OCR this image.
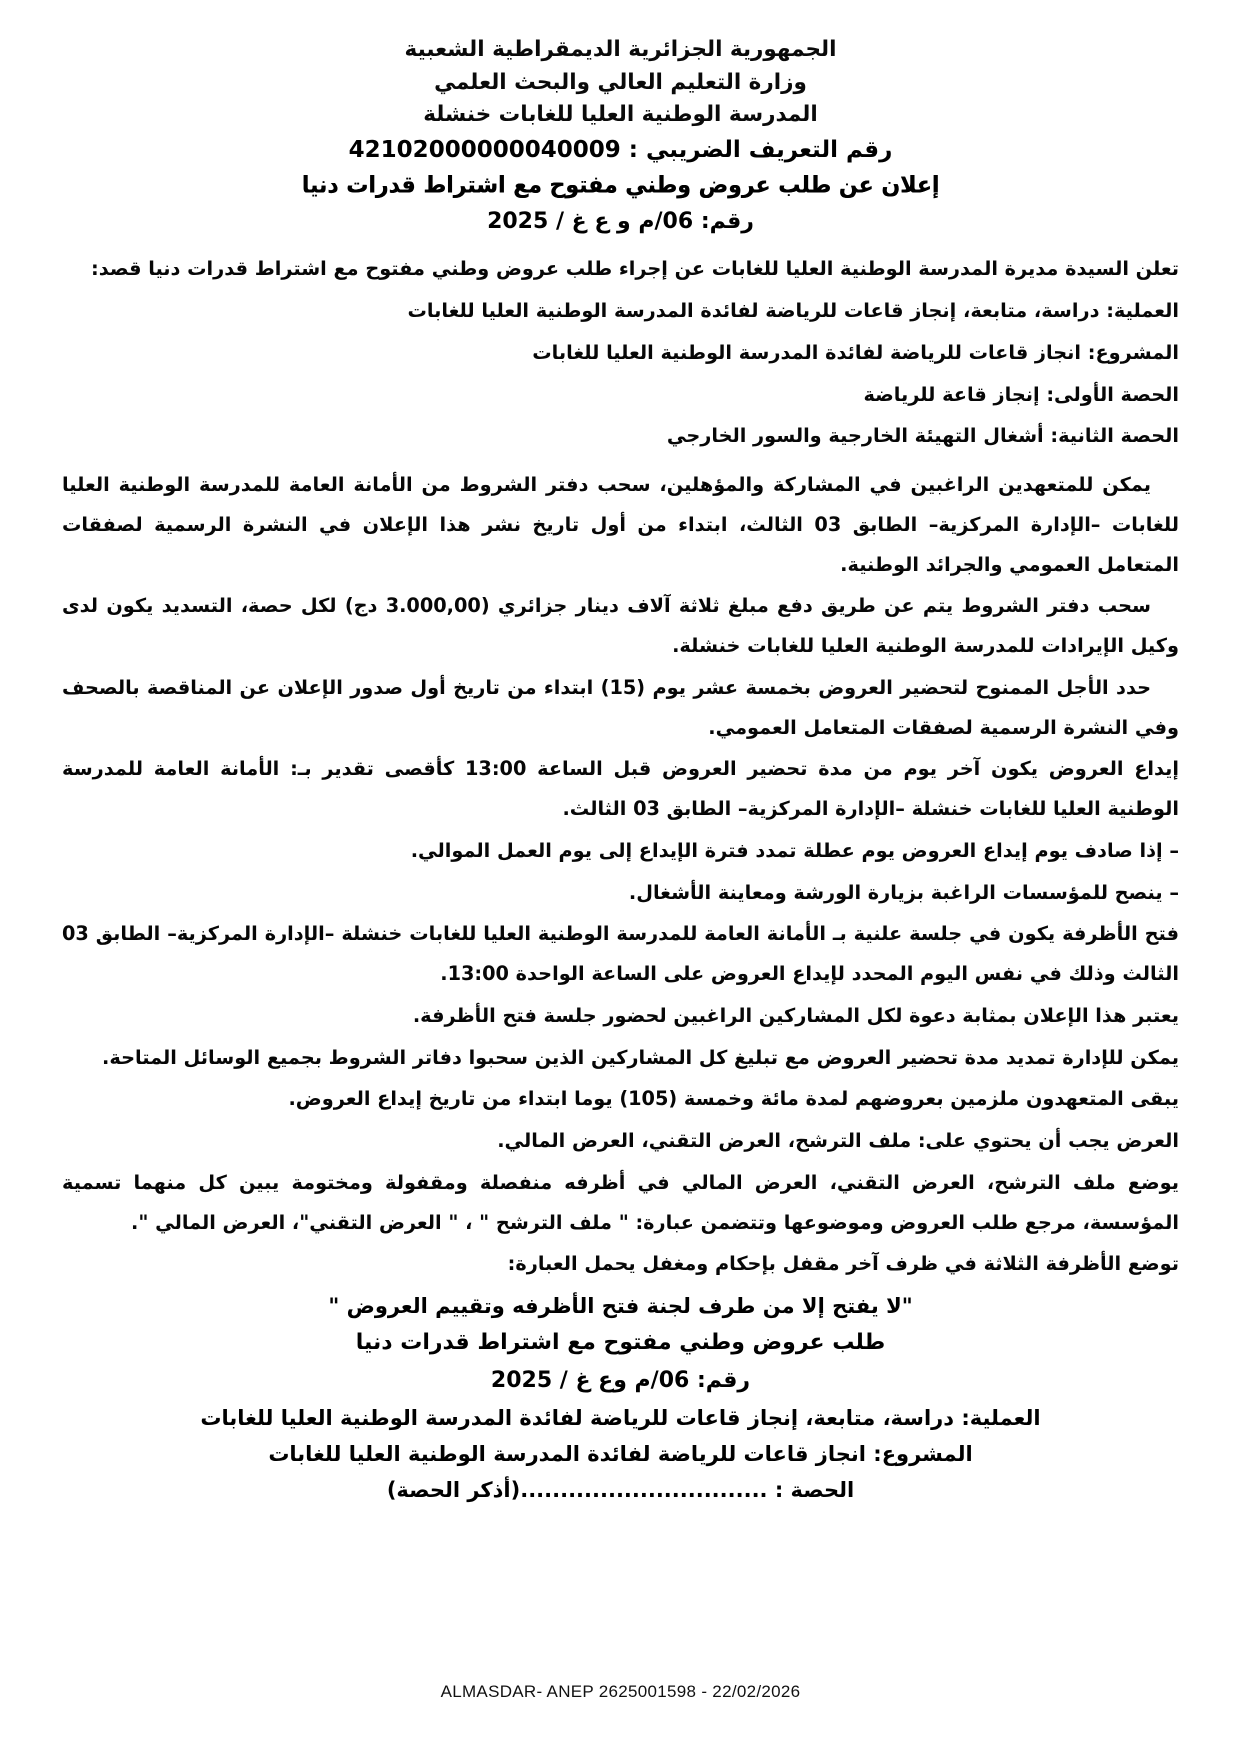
الجمهورية الجزائرية الديمقراطية الشعبية
وزارة التعليم العالي والبحث العلمي
المدرسة الوطنية العليا للغابات خنشلة
رقم التعريف الضريبي : 42102000000040009
إعلان عن طلب عروض وطني مفتوح مع اشتراط قدرات دنيا
رقم: 06/م و ع غ / 2025

تعلن السيدة مديرة المدرسة الوطنية العليا للغابات عن إجراء طلب عروض وطني مفتوح مع اشتراط قدرات دنيا قصد:

العملية: دراسة، متابعة، إنجاز قاعات للرياضة لفائدة المدرسة الوطنية العليا للغابات

المشروع: انجاز قاعات للرياضة لفائدة المدرسة الوطنية العليا للغابات

الحصة الأولى: إنجاز قاعة للرياضة

الحصة الثانية: أشغال التهيئة الخارجية والسور الخارجي

يمكن للمتعهدين الراغبين في المشاركة والمؤهلين، سحب دفتر الشروط من الأمانة العامة للمدرسة الوطنية العليا للغابات –الإدارة المركزية– الطابق 03 الثالث، ابتداء من أول تاريخ نشر هذا الإعلان في النشرة الرسمية لصفقات المتعامل العمومي والجرائد الوطنية.

سحب دفتر الشروط يتم عن طريق دفع مبلغ ثلاثة آلاف دينار جزائري (3.000,00 دج) لكل حصة، التسديد يكون لدى وكيل الإيرادات للمدرسة الوطنية العليا للغابات خنشلة.

حدد الأجل الممنوح لتحضير العروض بخمسة عشر يوم (15) ابتداء من تاريخ أول صدور الإعلان عن المناقصة بالصحف وفي النشرة الرسمية لصفقات المتعامل العمومي.

إيداع العروض يكون آخر يوم من مدة تحضير العروض قبل الساعة 13:00 كأقصى تقدير بـ: الأمانة العامة للمدرسة الوطنية العليا للغابات خنشلة –الإدارة المركزية– الطابق 03 الثالث.

– إذا صادف يوم إيداع العروض يوم عطلة تمدد فترة الإيداع إلى يوم العمل الموالي.

– ينصح للمؤسسات الراغبة بزيارة الورشة ومعاينة الأشغال.

فتح الأظرفة يكون في جلسة علنية بـ الأمانة العامة للمدرسة الوطنية العليا للغابات خنشلة –الإدارة المركزية– الطابق 03 الثالث وذلك في نفس اليوم المحدد لإيداع العروض على الساعة الواحدة 13:00.

يعتبر هذا الإعلان بمثابة دعوة لكل المشاركين الراغبين لحضور جلسة فتح الأظرفة.

يمكن للإدارة تمديد مدة تحضير العروض مع تبليغ كل المشاركين الذين سحبوا دفاتر الشروط بجميع الوسائل المتاحة.

يبقى المتعهدون ملزمين بعروضهم لمدة مائة وخمسة (105) يوما ابتداء من تاريخ إيداع العروض.

العرض يجب أن يحتوي على: ملف الترشح، العرض التقني، العرض المالي.

يوضع ملف الترشح، العرض التقني، العرض المالي في أظرفه منفصلة ومقفولة ومختومة يبين كل منهما تسمية المؤسسة، مرجع طلب العروض وموضوعها وتتضمن عبارة: " ملف الترشح " ، " العرض التقني"، العرض المالي ".

توضع الأظرفة الثلاثة في ظرف آخر مقفل بإحكام ومغفل يحمل العبارة:

"لا يفتح إلا من طرف لجنة فتح الأظرفه وتقييم العروض "
طلب عروض وطني مفتوح مع اشتراط قدرات دنيا
رقم: 06/م وع غ / 2025
العملية: دراسة، متابعة، إنجاز قاعات للرياضة لفائدة المدرسة الوطنية العليا للغابات
المشروع: انجاز قاعات للرياضة لفائدة المدرسة الوطنية العليا للغابات
الحصة : ...............................(أذكر الحصة)
ALMASDAR- ANEP 2625001598 - 22/02/2026
